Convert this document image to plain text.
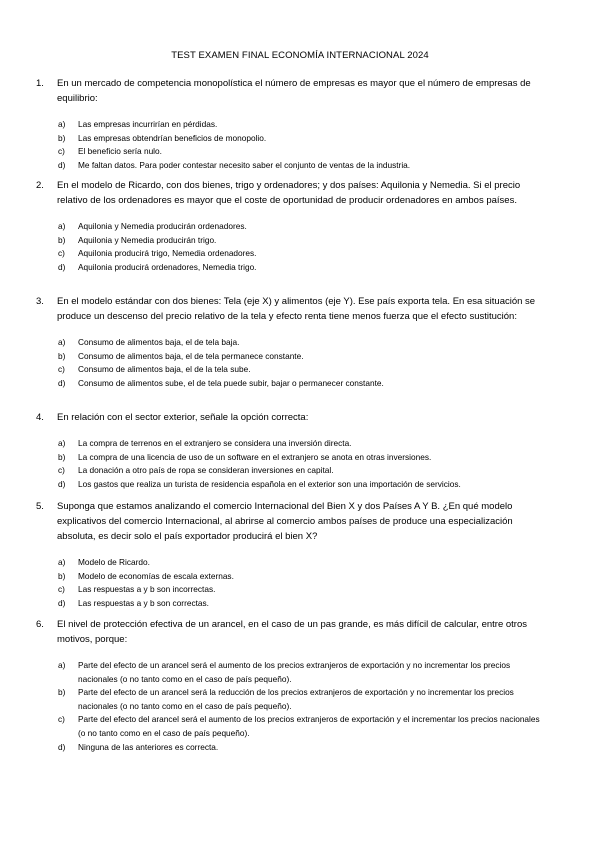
TEST EXAMEN FINAL ECONOMÍA INTERNACIONAL 2024
1. En un mercado de competencia monopolística el número de empresas es mayor que el número de empresas de equilibrio:
a) Las empresas incurrirían en pérdidas.
b) Las empresas obtendrían beneficios de monopolio.
c) El beneficio sería nulo.
d) Me faltan datos. Para poder contestar necesito saber el conjunto de ventas de la industria.
2. En el modelo de Ricardo, con dos bienes, trigo y ordenadores; y dos países: Aquilonia y Nemedia. Si el precio relativo de los ordenadores es mayor que el coste de oportunidad de producir ordenadores en ambos países.
a) Aquilonia y Nemedia producirán ordenadores.
b) Aquilonia y Nemedia producirán trigo.
c) Aquilonia producirá trigo, Nemedia ordenadores.
d) Aquilonia producirá ordenadores, Nemedia trigo.
3. En el modelo estándar con dos bienes: Tela (eje X) y alimentos (eje Y). Ese país exporta tela. En esa situación se produce un descenso del precio relativo de la tela y efecto renta tiene menos fuerza que el efecto sustitución:
a) Consumo de alimentos baja, el de tela baja.
b) Consumo de alimentos baja, el de tela permanece constante.
c) Consumo de alimentos baja, el de la tela sube.
d) Consumo de alimentos sube, el de tela puede subir, bajar o permanecer constante.
4. En relación con el sector exterior, señale la opción correcta:
a) La compra de terrenos en el extranjero se considera una inversión directa.
b) La compra de una licencia de uso de un software en el extranjero se anota en otras inversiones.
c) La donación a otro país de ropa se consideran inversiones en capital.
d) Los gastos que realiza un turista de residencia española en el exterior son una importación de servicios.
5. Suponga que estamos analizando el comercio Internacional del Bien X y dos Países A Y B. ¿En qué modelo explicativos del comercio Internacional, al abrirse al comercio ambos países de produce una especialización absoluta, es decir solo el país exportador producirá el bien X?
a) Modelo de Ricardo.
b) Modelo de economías de escala externas.
c) Las respuestas a y b son incorrectas.
d) Las respuestas a y b son correctas.
6. El nivel de protección efectiva de un arancel, en el caso de un pas grande, es más difícil de calcular, entre otros motivos, porque:
a) Parte del efecto de un arancel será el aumento de los precios extranjeros de exportación y no incrementar los precios nacionales (o no tanto como en el caso de país pequeño).
b) Parte del efecto de un arancel será la reducción de los precios extranjeros de exportación y no incrementar los precios nacionales (o no tanto como en el caso de país pequeño).
c) Parte del efecto del arancel será el aumento de los precios extranjeros de exportación y el incrementar los precios nacionales (o no tanto como en el caso de país pequeño).
d) Ninguna de las anteriores es correcta.
